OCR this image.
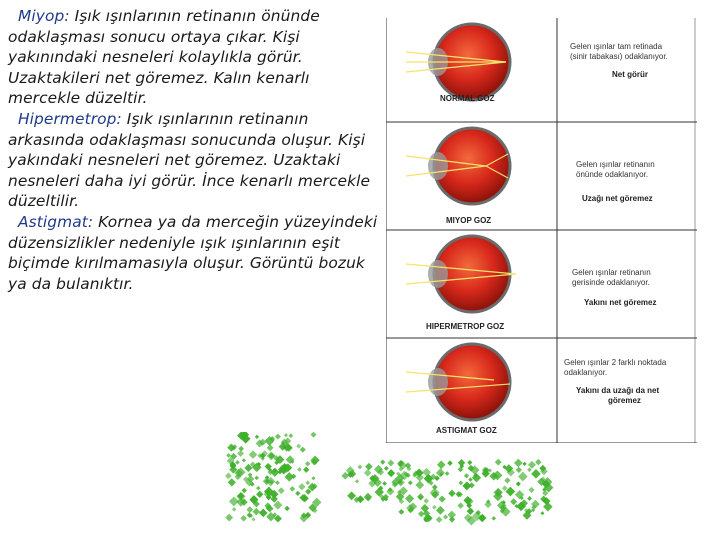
Miyop: Işık ışınlarının retinanın önünde odaklaşması sonucu ortaya çıkar. Kişi yakınındaki nesneleri kolaylıkla görür. Uzaktakileri net göremez. Kalın kenarlı mercekle düzeltir.

Hipermetrop: Işık ışınlarının retinanın arkasında odaklaşması sonucunda oluşur. Kişi yakındaki nesneleri net göremez. Uzaktaki nesneleri daha iyi görür. İnce kenarlı mercekle düzeltilir.

Astigmat: Kornea ya da merceğin yüzeyindeki düzensizlikler nedeniyle ışık ışınlarının eşit biçimde kırılmamasıyla oluşur. Görüntü bozuk ya da bulanıktır.

NORMAL GOZ
Gelen ışınlar tam retinada
(sinir tabakası) odaklanıyor.
Net görür
MIYOP GOZ
Gelen ışınlar retinanın
önünde odaklanıyor.
Uzağı net göremez
HIPERMETROP GOZ
Gelen ışınlar retinanın
gerisinde odaklanıyor.
Yakını net göremez
ASTIGMAT GOZ
Gelen ışınlar 2 farklı noktada
odaklanıyor.
Yakını da uzağı da net
göremez
